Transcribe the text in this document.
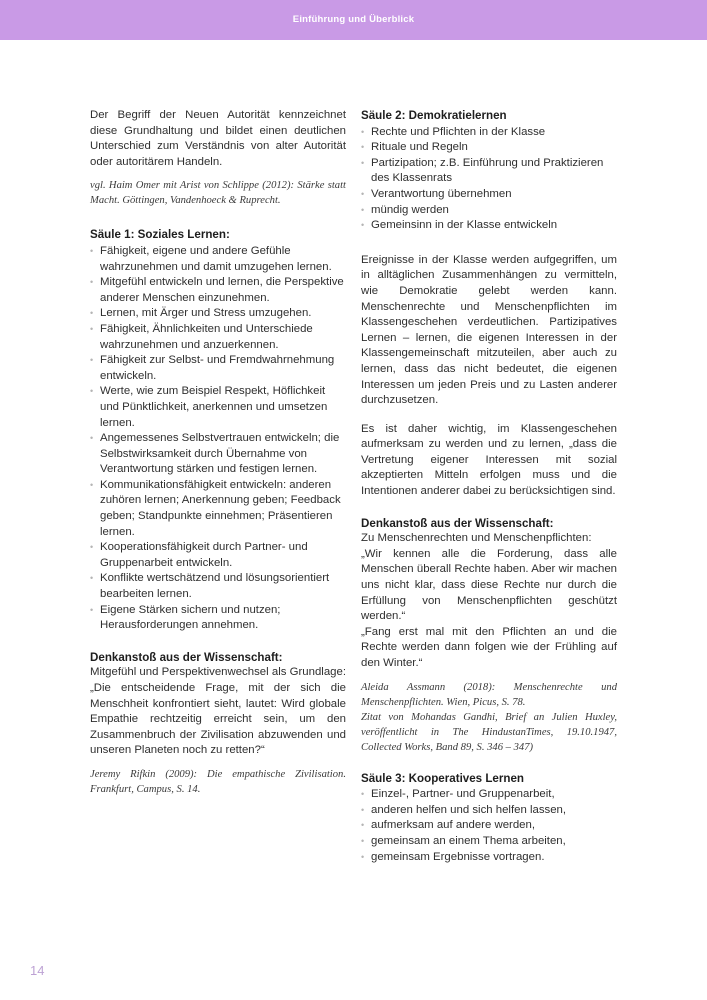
Einführung und Überblick

Der Begriff der Neuen Autorität kennzeichnet diese Grundhaltung und bildet einen deutlichen Unterschied zum Verständnis von alter Autorität oder autoritärem Handeln.

vgl. Haim Omer mit Arist von Schlippe (2012): Stärke statt Macht. Göttingen, Vandenhoeck & Ruprecht.

Säule 1: Soziales Lernen:
• Fähigkeit, eigene und andere Gefühle wahrzunehmen und damit umzugehen lernen.
• Mitgefühl entwickeln und lernen, die Perspektive anderer Menschen einzunehmen.
• Lernen, mit Ärger und Stress umzugehen.
• Fähigkeit, Ähnlichkeiten und Unterschiede wahrzunehmen und anzuerkennen.
• Fähigkeit zur Selbst- und Fremdwahrnehmung entwickeln.
• Werte, wie zum Beispiel Respekt, Höflichkeit und Pünktlichkeit, anerkennen und umsetzen lernen.
• Angemessenes Selbstvertrauen entwickeln; die Selbstwirksamkeit durch Übernahme von Verantwortung stärken und festigen lernen.
• Kommunikationsfähigkeit entwickeln: anderen zuhören lernen; Anerkennung geben; Feedback geben; Standpunkte einnehmen; Präsentieren lernen.
• Kooperationsfähigkeit durch Partner- und Gruppenarbeit entwickeln.
• Konflikte wertschätzend und lösungsorientiert bearbeiten lernen.
• Eigene Stärken sichern und nutzen; Herausforderungen annehmen.
Denkanstoß aus der Wissenschaft:

Mitgefühl und Perspektivenwechsel als Grundlage: „Die entscheidende Frage, mit der sich die Menschheit konfrontiert sieht, lautet: Wird globale Empathie rechtzeitig erreicht sein, um den Zusammenbruch der Zivilisation abzuwenden und unseren Planeten noch zu retten?“

Jeremy Rifkin (2009): Die empathische Zivilisation. Frankfurt, Campus, S. 14.

Säule 2: Demokratielernen
• Rechte und Pflichten in der Klasse
• Rituale und Regeln
• Partizipation; z.B. Einführung und Praktizieren des Klassenrats
• Verantwortung übernehmen
• mündig werden
• Gemeinsinn in der Klasse entwickeln

Ereignisse in der Klasse werden aufgegriffen, um in alltäglichen Zusammenhängen zu vermitteln, wie Demokratie gelebt werden kann. Menschenrechte und Menschenpflichten im Klassengeschehen verdeutlichen. Partizipatives Lernen – lernen, die eigenen Interessen in der Klassengemeinschaft mitzuteilen, aber auch zu lernen, dass das nicht bedeutet, die eigenen Interessen um jeden Preis und zu Lasten anderer durchzusetzen.

Es ist daher wichtig, im Klassengeschehen aufmerksam zu werden und zu lernen, „dass die Vertretung eigener Interessen mit sozial akzeptierten Mitteln erfolgen muss und die Intentionen anderer dabei zu berücksichtigen sind.

Denkanstoß aus der Wissenschaft:

Zu Menschenrechten und Menschenpflichten:

„Wir kennen alle die Forderung, dass alle Menschen überall Rechte haben. Aber wir machen uns nicht klar, dass diese Rechte nur durch die Erfüllung von Menschenpflichten geschützt werden.“

„Fang erst mal mit den Pflichten an und die Rechte werden dann folgen wie der Frühling auf den Winter.“

Aleida Assmann (2018): Menschenrechte und Menschenpflichten. Wien, Picus, S. 78.

Zitat von Mohandas Gandhi, Brief an Julien Huxley, veröffentlicht in The HindustanTimes, 19.10.1947, Collected Works, Band 89, S. 346 – 347)

Säule 3: Kooperatives Lernen
• Einzel-, Partner- und Gruppenarbeit,
• anderen helfen und sich helfen lassen,
• aufmerksam auf andere werden,
• gemeinsam an einem Thema arbeiten,
• gemeinsam Ergebnisse vortragen.
14
